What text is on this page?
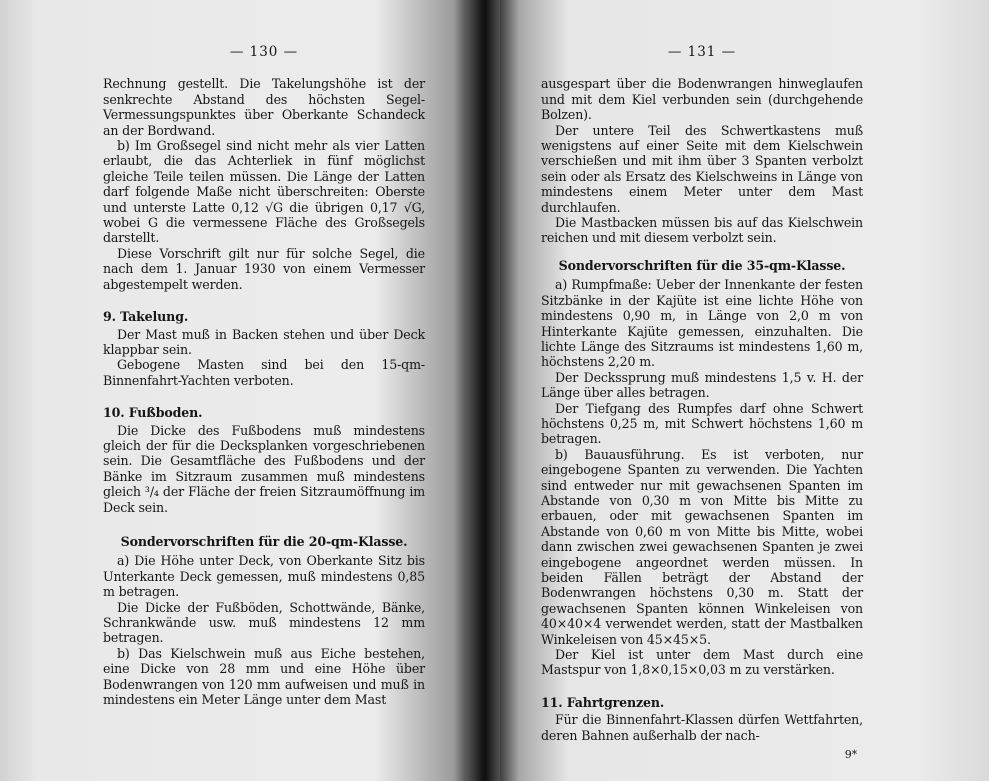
— 130 —

Rechnung gestellt. Die Takelungshöhe ist der senkrechte Abstand des höchsten Segel-Vermessungspunktes über Oberkante Schandeck an der Bordwand.

b) Im Großsegel sind nicht mehr als vier Latten erlaubt, die das Achterliek in fünf möglichst gleiche Teile teilen müssen. Die Länge der Latten darf folgende Maße nicht überschreiten: Oberste und unterste Latte 0,12 √G die übrigen 0,17 √G, wobei G die vermessene Fläche des Großsegels darstellt.

Diese Vorschrift gilt nur für solche Segel, die nach dem 1. Januar 1930 von einem Vermesser abgestempelt werden.

9. Takelung.

Der Mast muß in Backen stehen und über Deck klappbar sein.

Gebogene Masten sind bei den 15-qm-Binnenfahrt-Yachten verboten.

10. Fußboden.

Die Dicke des Fußbodens muß mindestens gleich der für die Decksplanken vorgeschriebenen sein. Die Gesamtfläche des Fußbodens und der Bänke im Sitzraum zusammen muß mindestens gleich ³/₄ der Fläche der freien Sitzraumöffnung im Deck sein.

Sondervorschriften für die 20-qm-Klasse.

a) Die Höhe unter Deck, von Oberkante Sitz bis Unterkante Deck gemessen, muß mindestens 0,85 m betragen.

Die Dicke der Fußböden, Schottwände, Bänke, Schrankwände usw. muß mindestens 12 mm betragen.

b) Das Kielschwein muß aus Eiche bestehen, eine Dicke von 28 mm und eine Höhe über Bodenwrangen von 120 mm aufweisen und muß in mindestens ein Meter Länge unter dem Mast

— 131 —

ausgespart über die Bodenwrangen hinweglaufen und mit dem Kiel verbunden sein (durchgehende Bolzen).

Der untere Teil des Schwertkastens muß wenigstens auf einer Seite mit dem Kielschwein verschießen und mit ihm über 3 Spanten verbolzt sein oder als Ersatz des Kielschweins in Länge von mindestens einem Meter unter dem Mast durchlaufen.

Die Mastbacken müssen bis auf das Kielschwein reichen und mit diesem verbolzt sein.

Sondervorschriften für die 35-qm-Klasse.

a) Rumpfmaße: Ueber der Innenkante der festen Sitzbänke in der Kajüte ist eine lichte Höhe von mindestens 0,90 m, in Länge von 2,0 m von Hinterkante Kajüte gemessen, einzuhalten. Die lichte Länge des Sitzraums ist mindestens 1,60 m, höchstens 2,20 m.

Der Deckssprung muß mindestens 1,5 v. H. der Länge über alles betragen.

Der Tiefgang des Rumpfes darf ohne Schwert höchstens 0,25 m, mit Schwert höchstens 1,60 m betragen.

b) Bauausführung. Es ist verboten, nur eingebogene Spanten zu verwenden. Die Yachten sind entweder nur mit gewachsenen Spanten im Abstande von 0,30 m von Mitte bis Mitte zu erbauen, oder mit gewachsenen Spanten im Abstande von 0,60 m von Mitte bis Mitte, wobei dann zwischen zwei gewachsenen Spanten je zwei eingebogene angeordnet werden müssen. In beiden Fällen beträgt der Abstand der Bodenwrangen höchstens 0,30 m. Statt der gewachsenen Spanten können Winkeleisen von 40×40×4 verwendet werden, statt der Mastbalken Winkeleisen von 45×45×5.

Der Kiel ist unter dem Mast durch eine Mastspur von 1,8×0,15×0,03 m zu verstärken.

11. Fahrtgrenzen.

Für die Binnenfahrt-Klassen dürfen Wettfahrten, deren Bahnen außerhalb der nach-

9*
